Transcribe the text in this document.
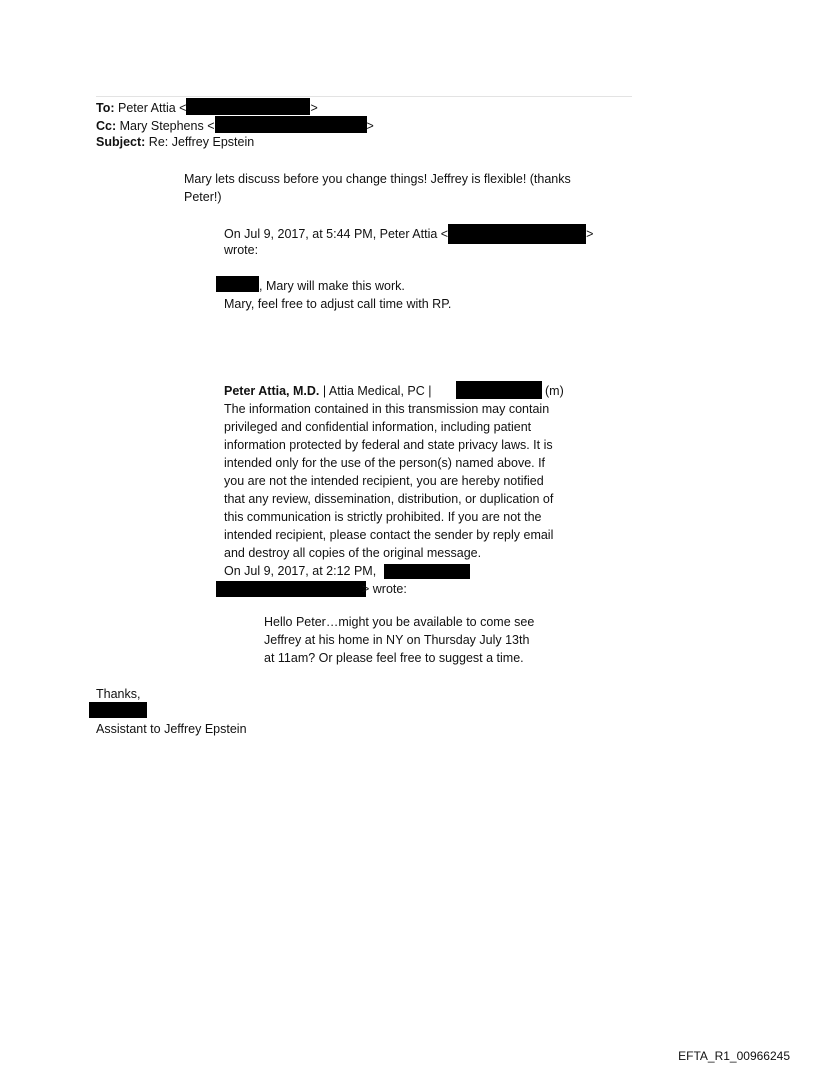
To: Peter Attia <	>
Cc: Mary Stephens <	>
Subject: Re: Jeffrey Epstein
Mary lets discuss before you change things! Jeffrey is flexible! (thanks
Peter!)
On Jul 9, 2017, at 5:44 PM, Peter Attia <	>
wrote:
, Mary will make this work.
Mary, feel free to adjust call time with RP.
Peter Attia, M.D. | Attia Medical, PC |	(m)
The information contained in this transmission may contain
privileged and confidential information, including patient
information protected by federal and state privacy laws. It is
intended only for the use of the person(s) named above. If
you are not the intended recipient, you are hereby notified
that any review, dissemination, distribution, or duplication of
this communication is strictly prohibited. If you are not the
intended recipient, please contact the sender by reply email
and destroy all copies of the original message.
On Jul 9, 2017, at 2:12 PM,
> wrote:
Hello Peter…might you be available to come see
Jeffrey at his home in NY on Thursday July 13th
at 11am? Or please feel free to suggest a time.
Thanks,
Assistant to Jeffrey Epstein
EFTA_R1_00966245
